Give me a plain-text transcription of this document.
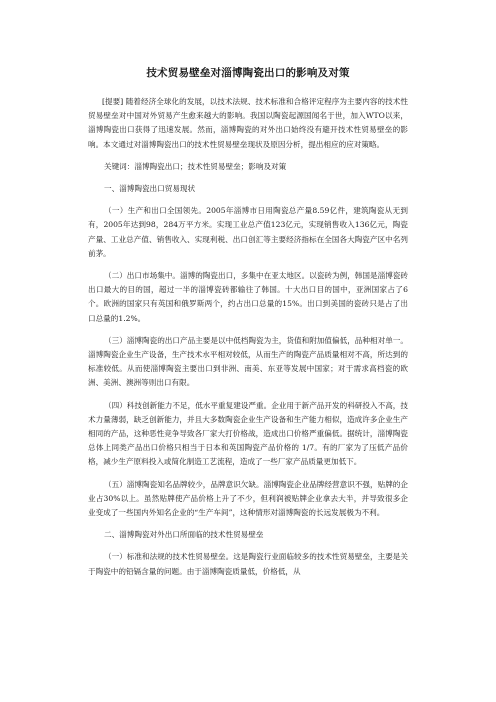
技术贸易壁垒对淄博陶瓷出口的影响及对策

[提要] 随着经济全球化的发展，以技术法规、技术标准和合格评定程序为主要内容的技术性贸易壁垒对中国对外贸易产生愈来越大的影响。我国以陶瓷起源国闻名于世，加入WTO以来，淄博陶瓷出口获得了迅速发展。然而，淄博陶瓷的对外出口始终没有避开技术性贸易壁垒的影响。本文通过对淄博陶瓷出口的技术性贸易壁垒现状及原因分析，提出相应的应对策略。

关键词：淄博陶瓷出口；技术性贸易壁垒；影响及对策

一、淄博陶瓷出口贸易现状

（一）生产和出口全国领先。2005年淄博市日用陶瓷总产量8.59亿件，建筑陶瓷从无到有，2005年达到98，284万平方米。实现工业总产值123亿元，实现销售收入136亿元，陶瓷产量、工业总产值、销售收入、实现利税、出口创汇等主要经济指标在全国各大陶瓷产区中名列前茅。

（二）出口市场集中。淄博的陶瓷出口，多集中在亚太地区。以瓷砖为例，韩国是淄博瓷砖出口最大的目的国，超过一半的淄博瓷砖都输往了韩国。十大出口目的国中，亚洲国家占了6个。欧洲的国家只有英国和俄罗斯两个，约占出口总量的15%。出口到美国的瓷砖只是占了出口总量的1.2%。

（三）淄博陶瓷的出口产品主要是以中低档陶瓷为主，货值和附加值偏低，品种相对单一。淄博陶瓷企业生产设备，生产技术水平相对较低，从而生产的陶瓷产品质量相对不高，所达到的标准较低。从而使淄博陶瓷主要出口到非洲、南美、东亚等发展中国家；对于需求高档瓷的欧洲、美洲、澳洲等则出口有限。

（四）科技创新能力不足，低水平重复建设严重。企业用于新产品开发的科研投入不高，技术力量薄弱，缺乏创新能力，并且大多数陶瓷企业生产设备和生产能力相似，造成许多企业生产相同的产品，这种恶性竞争导致各厂家大打价格战，造成出口价格严重偏低。据统计，淄博陶瓷总体上同类产品出口价格只相当于日本和英国陶瓷产品价格的 1/7。有的厂家为了压低产品价格，减少生产原料投入或简化制造工艺流程，造成了一些厂家产品质量更加低下。

（五）淄博陶瓷知名品牌较少，品牌意识欠缺。淄博陶瓷企业品牌经营意识不强，贴牌的企业占30%以上。虽然贴牌使产品价格上升了不少，但利润被贴牌企业拿去大半，并导致很多企业变成了一些国内外知名企业的“生产车间”，这种情形对淄博陶瓷的长远发展极为不利。

二、淄博陶瓷对外出口所面临的技术性贸易壁垒

（一）标准和法规的技术性贸易壁垒。这是陶瓷行业面临较多的技术性贸易壁垒，主要是关于陶瓷中的铅镉含量的问题。由于淄博陶瓷质量低，价格低，从
